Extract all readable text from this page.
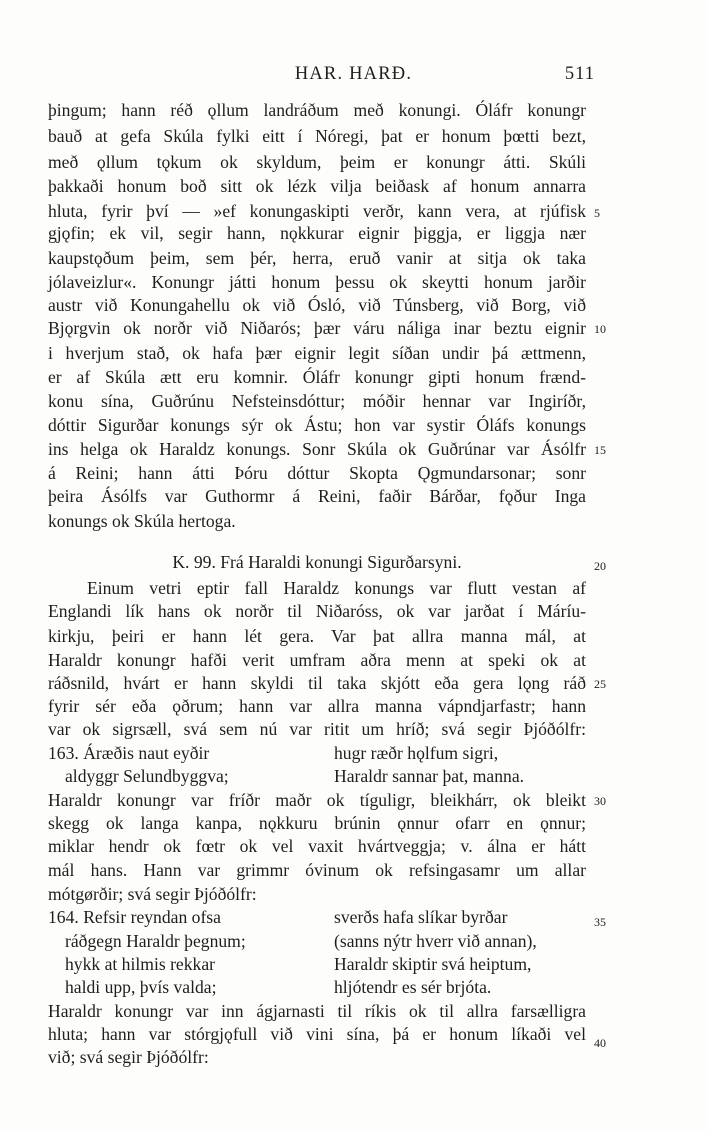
HAR. HARÐ.	511
þingum; hann réð ǫllum landráðum með konungi. Óláfr konungr
bauð at gefa Skúla fylki eitt í Nóregi, þat er honum þœtti bezt,
með ǫllum tǫkum ok skyldum, þeim er konungr átti. Skúli
þakkaði honum boð sitt ok lézk vilja beiðask af honum annarra
hluta, fyrir því — »ef konungaskipti verðr, kann vera, at rjúfisk
gjǫfin; ek vil, segir hann, nǫkkurar eignir þiggja, er liggja nær
kaupstǫðum þeim, sem þér, herra, eruð vanir at sitja ok taka
jólaveizlur«. Konungr játti honum þessu ok skeytti honum jarðir
austr við Konungahellu ok við Ósló, við Túnsberg, við Borg, við
Bjǫrgvin ok norðr við Niðarós; þær váru náliga inar beztu eignir
i hverjum stað, ok hafa þær eignir legit síðan undir þá ættmenn,
er af Skúla ætt eru komnir. Óláfr konungr gipti honum frænd-
konu sína, Guðrúnu Nefsteinsdóttur; móðir hennar var Ingiríðr,
dóttir Sigurðar konungs sýr ok Ástu; hon var systir Óláfs konungs
ins helga ok Haraldz konungs. Sonr Skúla ok Guðrúnar var Ásólfr
á Reini; hann átti Þóru dóttur Skopta Ǫgmundarsonar; sonr
þeira Ásólfs var Guthormr á Reini, faðir Bárðar, fǫður Inga
konungs ok Skúla hertoga.
K. 99. Frá Haraldi konungi Sigurðarsyni.
Einum vetri eptir fall Haraldz konungs var flutt vestan af
Englandi lík hans ok norðr til Niðaróss, ok var jarðat í Máríu-
kirkju, þeiri er hann lét gera. Var þat allra manna mál, at
Haraldr konungr hafði verit umfram aðra menn at speki ok at
ráðsnild, hvárt er hann skyldi til taka skjótt eða gera lǫng ráð
fyrir sér eða ǫðrum; hann var allra manna vápndjarfastr; hann
var ok sigrsæll, svá sem nú var ritit um hríð; svá segir Þjóðólfr:
163. Áræðis naut eyðir
aldyggr Selundbyggva;
hugr ræðr hǫlfum sigri,
Haraldr sannar þat, manna.
Haraldr konungr var fríðr maðr ok tíguligr, bleikhárr, ok bleikt
skegg ok langa kanpa, nǫkkuru brúnin ǫnnur ofarr en ǫnnur;
miklar hendr ok fœtr ok vel vaxit hvártveggja; v. álna er hátt
mál hans. Hann var grimmr óvinum ok refsingasamr um allar
mótgørðir; svá segir Þjóðólfr:
164. Refsir reyndan ofsa
ráðgegn Haraldr þegnum;
hykk at hilmis rekkar
haldi upp, þvís valda;
sverðs hafa slíkar byrðar
(sanns nýtr hverr við annan),
Haraldr skiptir svá heiptum,
hljótendr es sér brjóta.
Haraldr konungr var inn ágjarnasti til ríkis ok til allra farsælligra
hluta; hann var stórgjǫfull við vini sína, þá er honum líkaði vel
við; svá segir Þjóðólfr:
5
10
15
20
25
30
35
40
